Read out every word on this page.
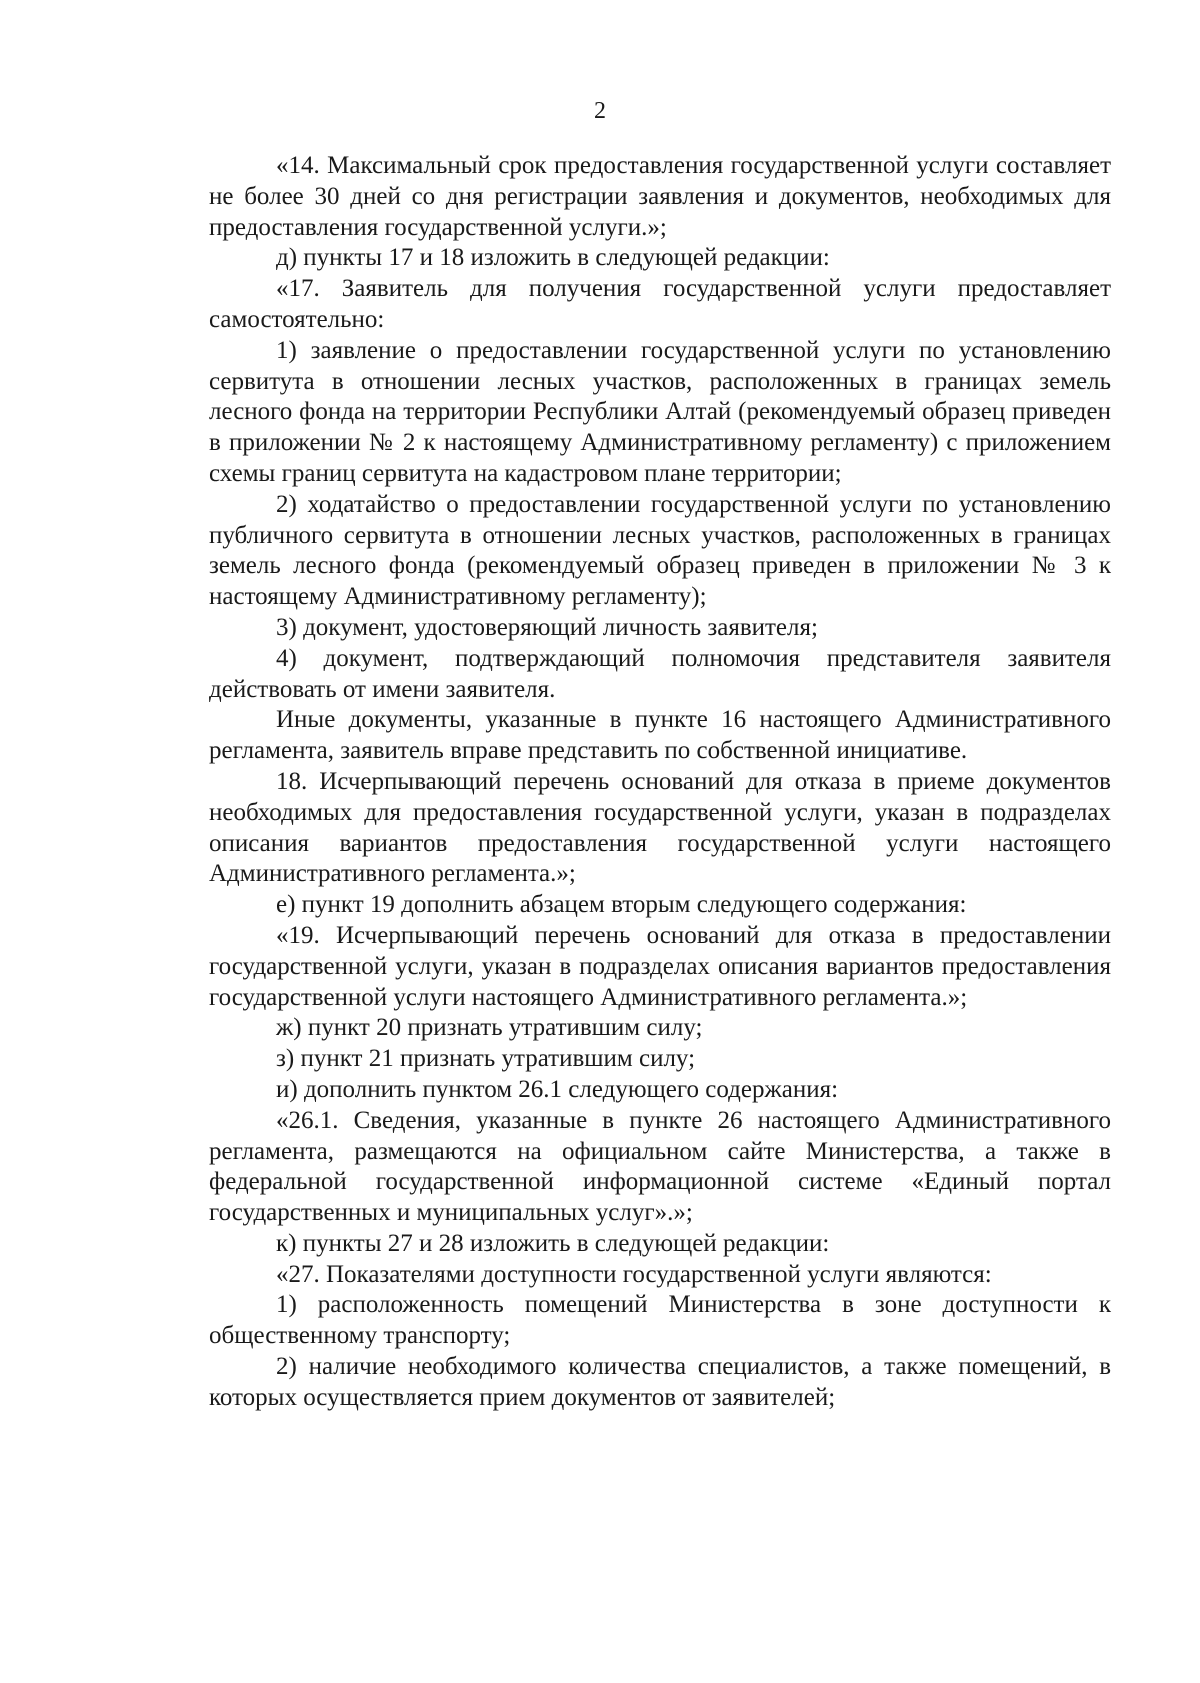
2

«14. Максимальный срок предоставления государственной услуги составляет не более 30 дней со дня регистрации заявления и документов, необходимых для предоставления государственной услуги.»;

д) пункты 17 и 18 изложить в следующей редакции:

«17. Заявитель для получения государственной услуги предоставляет самостоятельно:

1) заявление о предоставлении государственной услуги по установлению сервитута в отношении лесных участков, расположенных в границах земель лесного фонда на территории Республики Алтай (рекомендуемый образец приведен в приложении № 2 к настоящему Административному регламенту) с приложением схемы границ сервитута на кадастровом плане территории;

2) ходатайство о предоставлении государственной услуги по установлению публичного сервитута в отношении лесных участков, расположенных в границах земель лесного фонда (рекомендуемый образец приведен в приложении № 3 к настоящему Административному регламенту);

3) документ, удостоверяющий личность заявителя;

4) документ, подтверждающий полномочия представителя заявителя действовать от имени заявителя.

Иные документы, указанные в пункте 16 настоящего Административного регламента, заявитель вправе представить по собственной инициативе.

18. Исчерпывающий перечень оснований для отказа в приеме документов необходимых для предоставления государственной услуги, указан в подразделах описания вариантов предоставления государственной услуги настоящего Административного регламента.»;

е) пункт 19 дополнить абзацем вторым следующего содержания:

«19. Исчерпывающий перечень оснований для отказа в предоставлении государственной услуги, указан в подразделах описания вариантов предоставления государственной услуги настоящего Административного регламента.»;

ж) пункт 20 признать утратившим силу;

з) пункт 21 признать утратившим силу;

и) дополнить пунктом 26.1 следующего содержания:

«26.1. Сведения, указанные в пункте 26 настоящего Административного регламента, размещаются на официальном сайте Министерства, а также в федеральной государственной информационной системе «Единый портал государственных и муниципальных услуг».»;

к) пункты 27 и 28 изложить в следующей редакции:

«27. Показателями доступности государственной услуги являются:

1) расположенность помещений Министерства в зоне доступности к общественному транспорту;

2) наличие необходимого количества специалистов, а также помещений, в которых осуществляется прием документов от заявителей;
